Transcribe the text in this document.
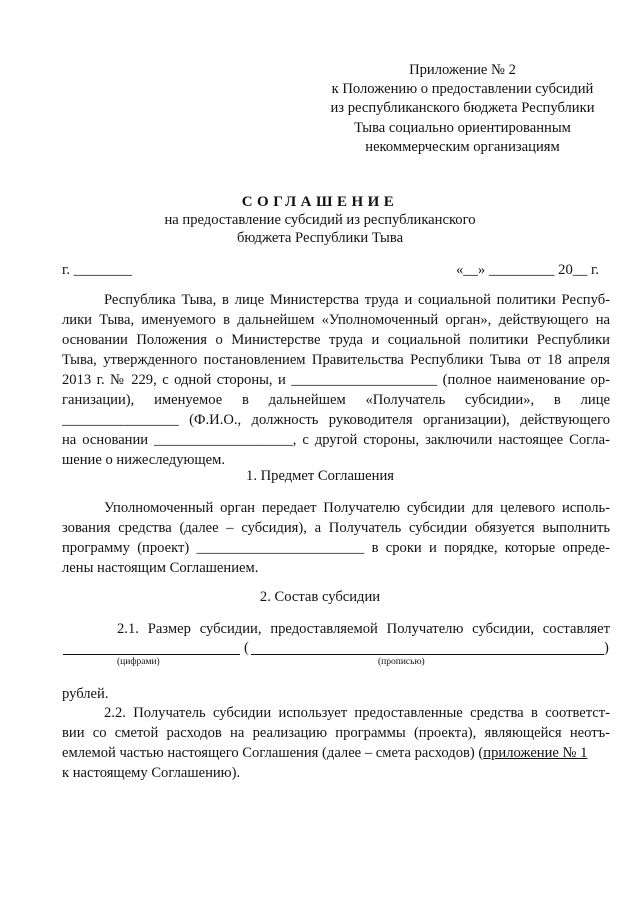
Приложение № 2
к Положению о предоставлении субсидий
из республиканского бюджета Республики
Тыва социально ориентированным
некоммерческим организациям
СОГЛАШЕНИЕ
на предоставление субсидий из республиканского
бюджета Республики Тыва
г. ________	«__» _________ 20__ г.
Республика Тыва, в лице Министерства труда и социальной политики Респуб-
лики Тыва, именуемого в дальнейшем «Уполномоченный орган», действующего на
основании Положения о Министерстве труда и социальной политики Республики
Тыва, утвержденного постановлением Правительства Республики Тыва от 18 апреля
2013 г. № 229, с одной стороны, и ____________________ (полное наименование ор-
ганизации), именуемое в дальнейшем «Получатель субсидии», в лице
________________ (Ф.И.О., должность руководителя организации), действующего
на основании ___________________, с другой стороны, заключили настоящее Согла-
шение о нижеследующем.
1. Предмет Соглашения
Уполномоченный орган передает Получателю субсидии для целевого исполь-
зования средства (далее – субсидия), а Получатель субсидии обязуется выполнить
программу (проект) _______________________ в сроки и порядке, которые опреде-
лены настоящим Соглашением.
2. Состав субсидии
2.1. Размер субсидии, предоставляемой Получателю субсидии, составляет
(	)
(цифрами)	(прописью)
рублей.
2.2. Получатель субсидии использует предоставленные средства в соответст-
вии со сметой расходов на реализацию программы (проекта), являющейся неотъ-
емлемой частью настоящего Соглашения (далее – смета расходов) (приложение № 1
к настоящему Соглашению).
